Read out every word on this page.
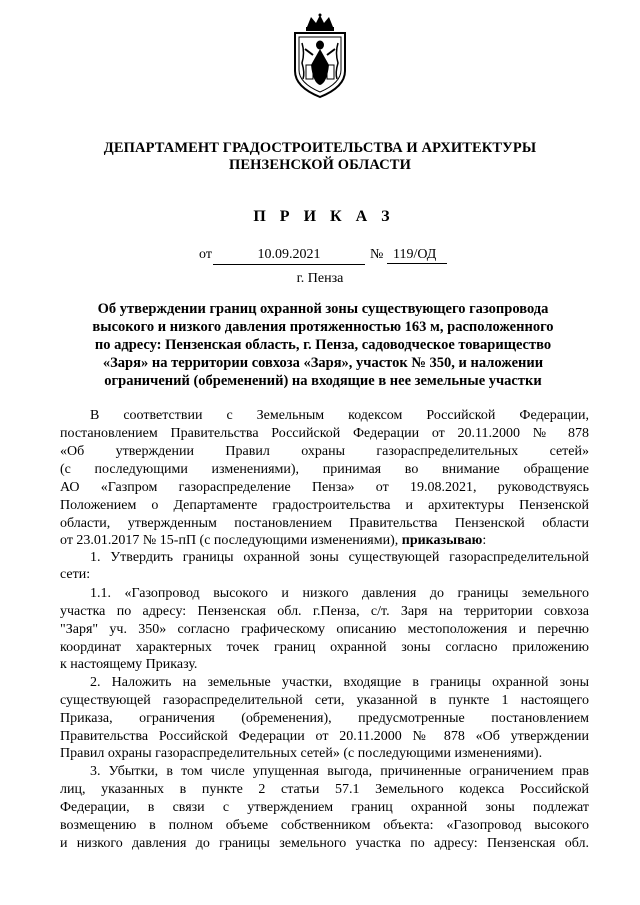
ДЕПАРТАМЕНТ ГРАДОСТРОИТЕЛЬСТВА И АРХИТЕКТУРЫ
ПЕНЗЕНСКОЙ ОБЛАСТИ
П Р И К А З
от	10.09.2021	№ 119/ОД
г. Пенза
Об утверждении границ охранной зоны существующего газопровода
высокого и низкого давления протяженностью 163 м, расположенного
по адресу: Пензенская область, г. Пенза, садоводческое товарищество
«Заря» на территории совхоза «Заря», участок № 350, и наложении
ограничений (обременений) на входящие в нее земельные участки
В соответствии с Земельным кодексом Российской Федерации,
постановлением Правительства Российской Федерации от 20.11.2000 № 878
«Об утверждении Правил охраны газораспределительных сетей»
(с последующими изменениями), принимая во внимание обращение
АО «Газпром газораспределение Пенза» от 19.08.2021, руководствуясь
Положением о Департаменте градостроительства и архитектуры Пензенской
области, утвержденным постановлением Правительства Пензенской области
от 23.01.2017 № 15-пП (с последующими изменениями), приказываю:
1. Утвердить границы охранной зоны существующей газораспределительной
сети:
1.1. «Газопровод высокого и низкого давления до границы земельного
участка по адресу: Пензенская обл. г.Пенза, с/т. Заря на территории совхоза
"Заря" уч. 350» согласно графическому описанию местоположения и перечню
координат характерных точек границ охранной зоны согласно приложению
к настоящему Приказу.
2. Наложить на земельные участки, входящие в границы охранной зоны
существующей газораспределительной сети, указанной в пункте 1 настоящего
Приказа, ограничения (обременения), предусмотренные постановлением
Правительства Российской Федерации от 20.11.2000 № 878 «Об утверждении
Правил охраны газораспределительных сетей» (с последующими изменениями).
3. Убытки, в том числе упущенная выгода, причиненные ограничением прав
лиц, указанных в пункте 2 статьи 57.1 Земельного кодекса Российской
Федерации, в связи с утверждением границ охранной зоны подлежат
возмещению в полном объеме собственником объекта: «Газопровод высокого
и низкого давления до границы земельного участка по адресу: Пензенская обл.
